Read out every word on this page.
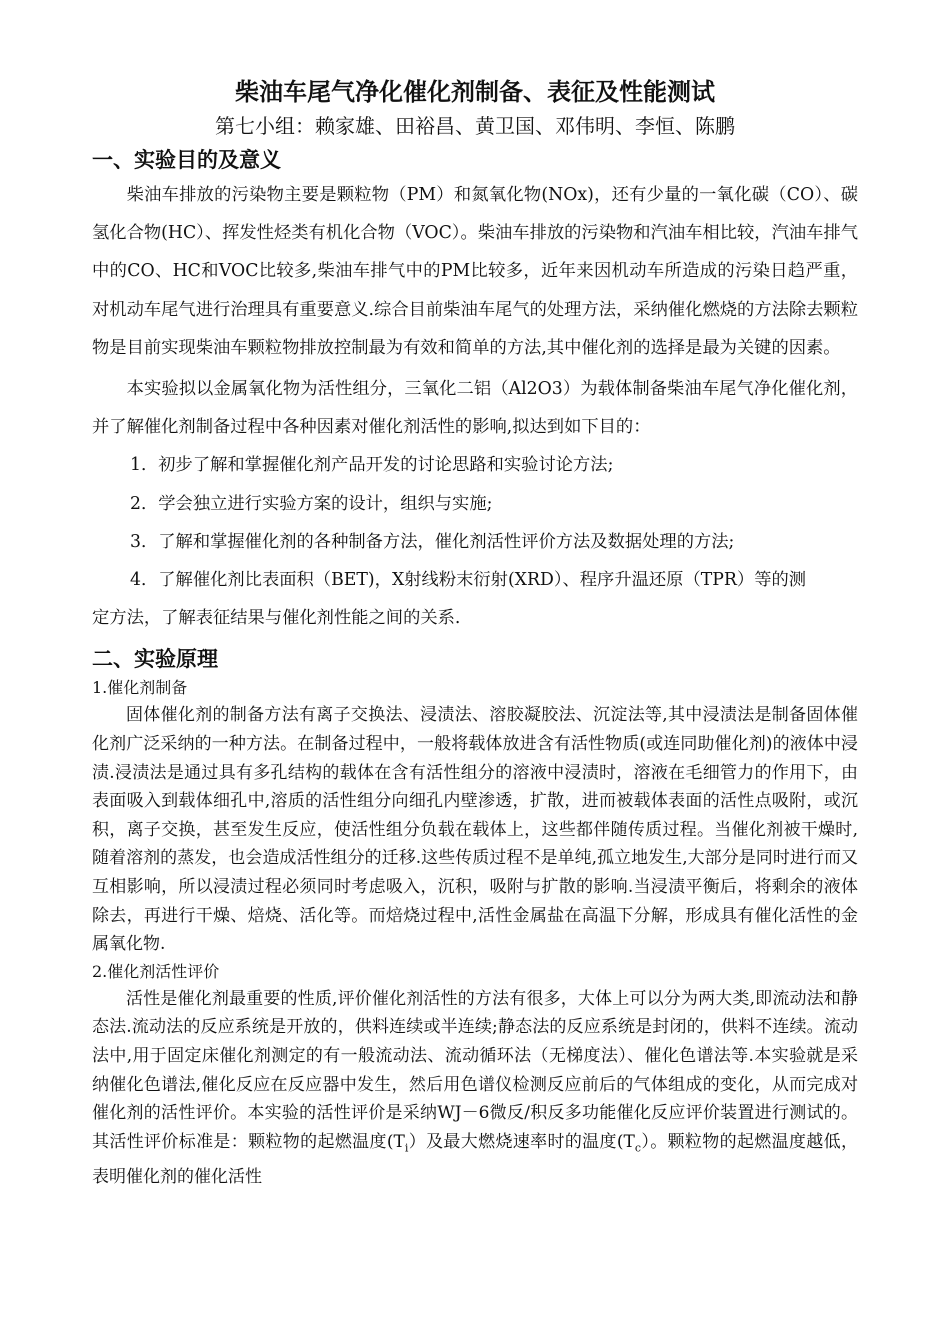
柴油车尾气净化催化剂制备、表征及性能测试

第七小组：赖家雄、田裕昌、黄卫国、邓伟明、李恒、陈鹏

一、实验目的及意义

柴油车排放的污染物主要是颗粒物（PM）和氮氧化物(NOx)，还有少量的一氧化碳（CO）、碳氢化合物(HC）、挥发性烃类有机化合物（VOC）。柴油车排放的污染物和汽油车相比较，汽油车排气中的CO、HC和VOC比较多,柴油车排气中的PM比较多，近年来因机动车所造成的污染日趋严重，对机动车尾气进行治理具有重要意义.综合目前柴油车尾气的处理方法，采纳催化燃烧的方法除去颗粒物是目前实现柴油车颗粒物排放控制最为有效和简单的方法,其中催化剂的选择是最为关键的因素。

本实验拟以金属氧化物为活性组分，三氧化二铝（Al2O3）为载体制备柴油车尾气净化催化剂，并了解催化剂制备过程中各种因素对催化剂活性的影响,拟达到如下目的：

1．初步了解和掌握催化剂产品开发的讨论思路和实验讨论方法;
2．学会独立进行实验方案的设计，组织与实施;
3．了解和掌握催化剂的各种制备方法，催化剂活性评价方法及数据处理的方法;
4．了解催化剂比表面积（BET)，X射线粉末衍射(XRD）、程序升温还原（TPR）等的测
定方法，了解表征结果与催化剂性能之间的关系.
二、实验原理
1.催化剂制备

固体催化剂的制备方法有离子交换法、浸渍法、溶胶凝胶法、沉淀法等,其中浸渍法是制备固体催化剂广泛采纳的一种方法。在制备过程中，一般将载体放进含有活性物质(或连同助催化剂)的液体中浸渍.浸渍法是通过具有多孔结构的载体在含有活性组分的溶液中浸渍时，溶液在毛细管力的作用下，由表面吸入到载体细孔中,溶质的活性组分向细孔内壁渗透，扩散，进而被载体表面的活性点吸附，或沉积，离子交换，甚至发生反应，使活性组分负载在载体上，这些都伴随传质过程。当催化剂被干燥时,随着溶剂的蒸发，也会造成活性组分的迁移.这些传质过程不是单纯,孤立地发生,大部分是同时进行而又互相影响，所以浸渍过程必须同时考虑吸入，沉积，吸附与扩散的影响.当浸渍平衡后，将剩余的液体除去，再进行干燥、焙烧、活化等。而焙烧过程中,活性金属盐在高温下分解，形成具有催化活性的金属氧化物.

2.催化剂活性评价

活性是催化剂最重要的性质,评价催化剂活性的方法有很多，大体上可以分为两大类,即流动法和静态法.流动法的反应系统是开放的，供料连续或半连续;静态法的反应系统是封闭的，供料不连续。流动法中,用于固定床催化剂测定的有一般流动法、流动循环法（无梯度法）、催化色谱法等.本实验就是采纳催化色谱法,催化反应在反应器中发生，然后用色谱仪检测反应前后的气体组成的变化，从而完成对催化剂的活性评价。本实验的活性评价是采纳WJ－6微反/积反多功能催化反应评价装置进行测试的。其活性评价标准是：颗粒物的起燃温度$(T_i)$及最大燃烧速率时的温度$(T_c)$。颗粒物的起燃温度越低，表明催化剂的催化活性
